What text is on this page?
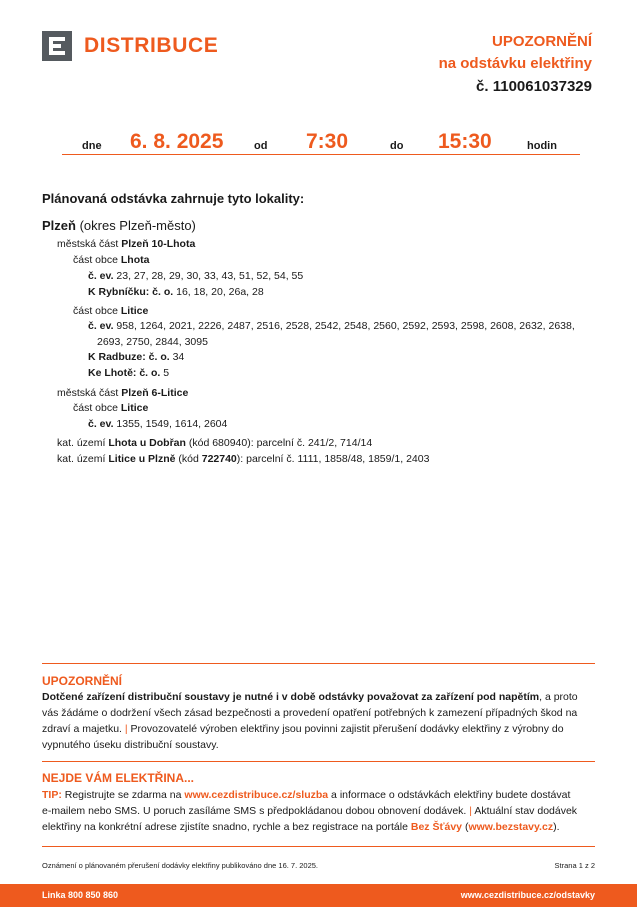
DISTRIBUCE	UPOZORNĚNÍ
na odstávku elektřiny
č. 110061037329
dne 6. 8. 2025	od 7:30	do 15:30	hodin
Plánovaná odstávka zahrnuje tyto lokality:
Plzeň (okres Plzeň-město)
městská část Plzeň 10-Lhota
část obce Lhota
č. ev. 23, 27, 28, 29, 30, 33, 43, 51, 52, 54, 55
K Rybníčku: č. o. 16, 18, 20, 26a, 28
část obce Litice
č. ev. 958, 1264, 2021, 2226, 2487, 2516, 2528, 2542, 2548, 2560, 2592, 2593, 2598, 2608, 2632, 2638,
2693, 2750, 2844, 3095
K Radbuze: č. o. 34
Ke Lhotě: č. o. 5
městská část Plzeň 6-Litice
část obce Litice
č. ev. 1355, 1549, 1614, 2604
kat. území Lhota u Dobřan (kód 680940): parcelní č. 241/2, 714/14
kat. území Litice u Plzně (kód 722740): parcelní č. 1111, 1858/48, 1859/1, 2403
UPOZORNĚNÍ
Dotčené zařízení distribuční soustavy je nutné i v době odstávky považovat za zařízení pod napětím, a proto
vás žádáme o dodržení všech zásad bezpečnosti a provedení opatření potřebných k zamezení případných škod na
zdraví a majetku. | Provozovatelé výroben elektřiny jsou povinni zajistit přerušení dodávky elektřiny z výrobny do
vypnutého úseku distribuční soustavy.
NEJDE VÁM ELEKTŘINA...
TIP: Registrujte se zdarma na www.cezdistribuce.cz/sluzba a informace o odstávkách elektřiny budete dostávat
e-mailem nebo SMS. U poruch zasíláme SMS s předpokládanou dobou obnovení dodávek. | Aktuální stav dodávek
elektřiny na konkrétní adrese zjistíte snadno, rychle a bez registrace na portále Bez Šťávy (www.bezstavy.cz).
Oznámení o plánovaném přerušení dodávky elektřiny publikováno dne 16. 7. 2025.	Strana 1 z 2
Linka 800 850 860	www.cezdistribuce.cz/odstavky
